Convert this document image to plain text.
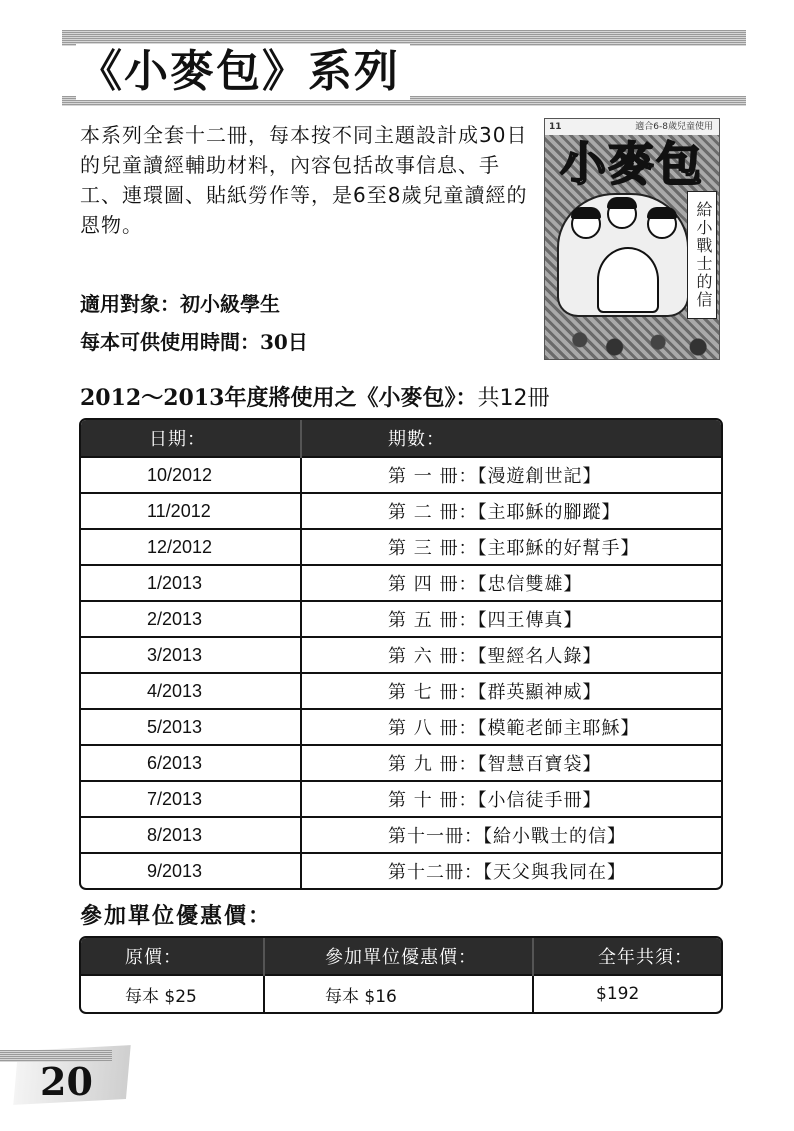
《小麥包》系列

本系列全套十二冊，每本按不同主題設計成30日的兒童讀經輔助材料，內容包括故事信息、手工、連環圖、貼紙勞作等，是6至8歲兒童讀經的恩物。

適用對象：初小級學生

每本可供使用時間：30日

11	適合6-8歲兒童使用
小麥包
給小戰士的信
2012～2013年度將使用之《小麥包》：共12冊
日期：	期數：
10/2012	第 一 冊：【漫遊創世記】
11/2012	第 二 冊：【主耶穌的腳蹤】
12/2012	第 三 冊：【主耶穌的好幫手】
1/2013	第 四 冊：【忠信雙雄】
2/2013	第 五 冊：【四王傳真】
3/2013	第 六 冊：【聖經名人錄】
4/2013	第 七 冊：【群英顯神威】
5/2013	第 八 冊：【模範老師主耶穌】
6/2013	第 九 冊：【智慧百寶袋】
7/2013	第 十 冊：【小信徒手冊】
8/2013	第十一冊：【給小戰士的信】
9/2013	第十二冊：【天父與我同在】
參加單位優惠價：
原價：	參加單位優惠價：	全年共須：
每本 $25	每本 $16	$192

20
